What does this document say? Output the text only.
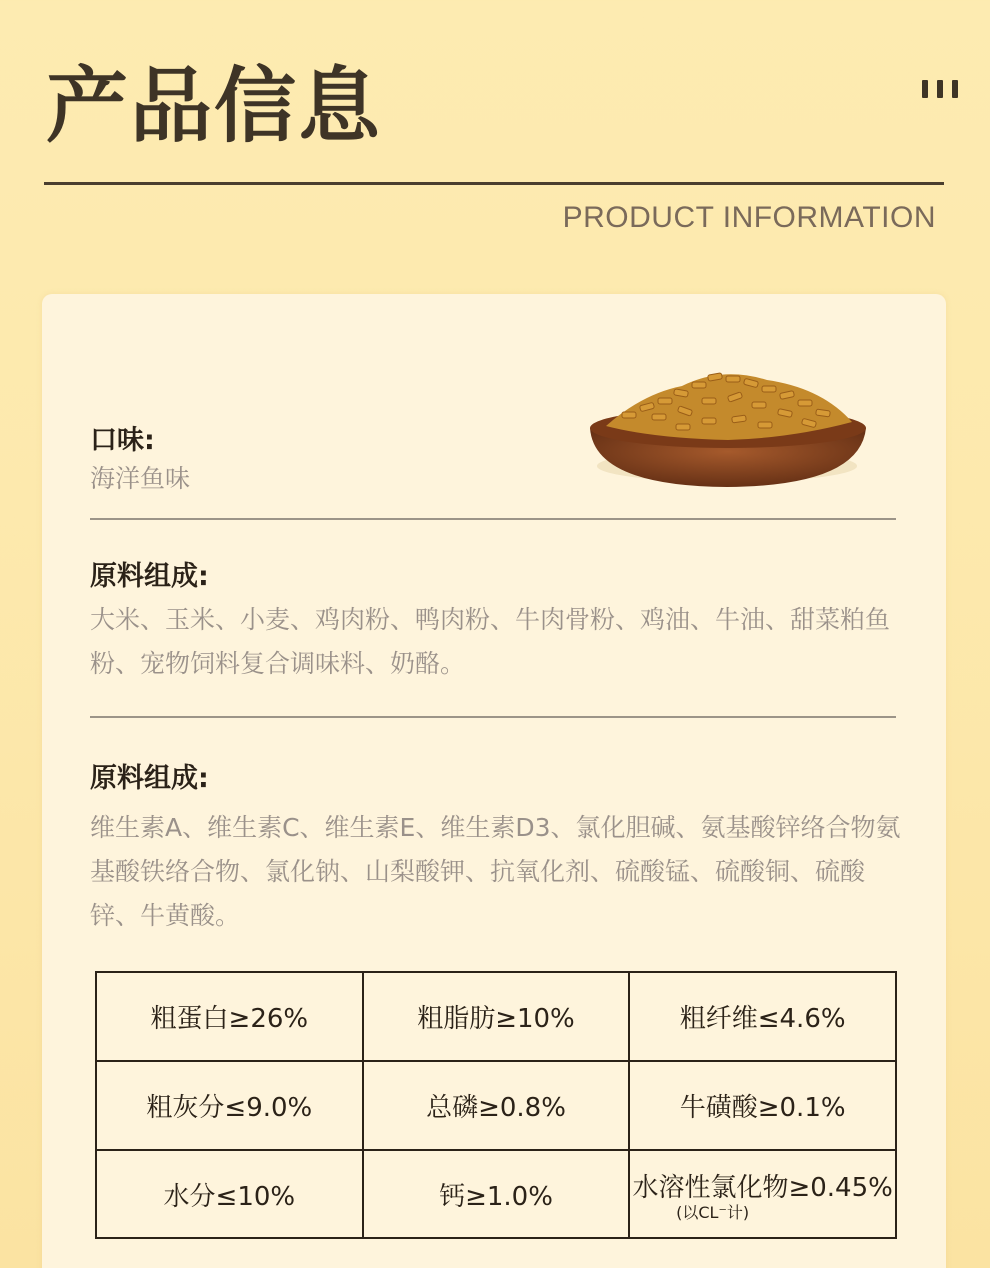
产品信息
PRODUCT INFORMATION
口味:
海洋鱼味
原料组成:
大米、玉米、小麦、鸡肉粉、鸭肉粉、牛肉骨粉、鸡油、牛油、甜菜粕鱼粉、宠物饲料复合调味料、奶酪。
原料组成:
维生素A、维生素C、维生素E、维生素D3、氯化胆碱、氨基酸锌络合物氨基酸铁络合物、氯化钠、山梨酸钾、抗氧化剂、硫酸锰、硫酸铜、硫酸锌、牛黄酸。
粗蛋白≥26%	粗脂肪≥10%	粗纤维≤4.6%
粗灰分≤9.0%	总磷≥0.8%	牛磺酸≥0.1%
水分≤10%	钙≥1.0%	水溶性氯化物≥0.45%
(以CL⁻计)
